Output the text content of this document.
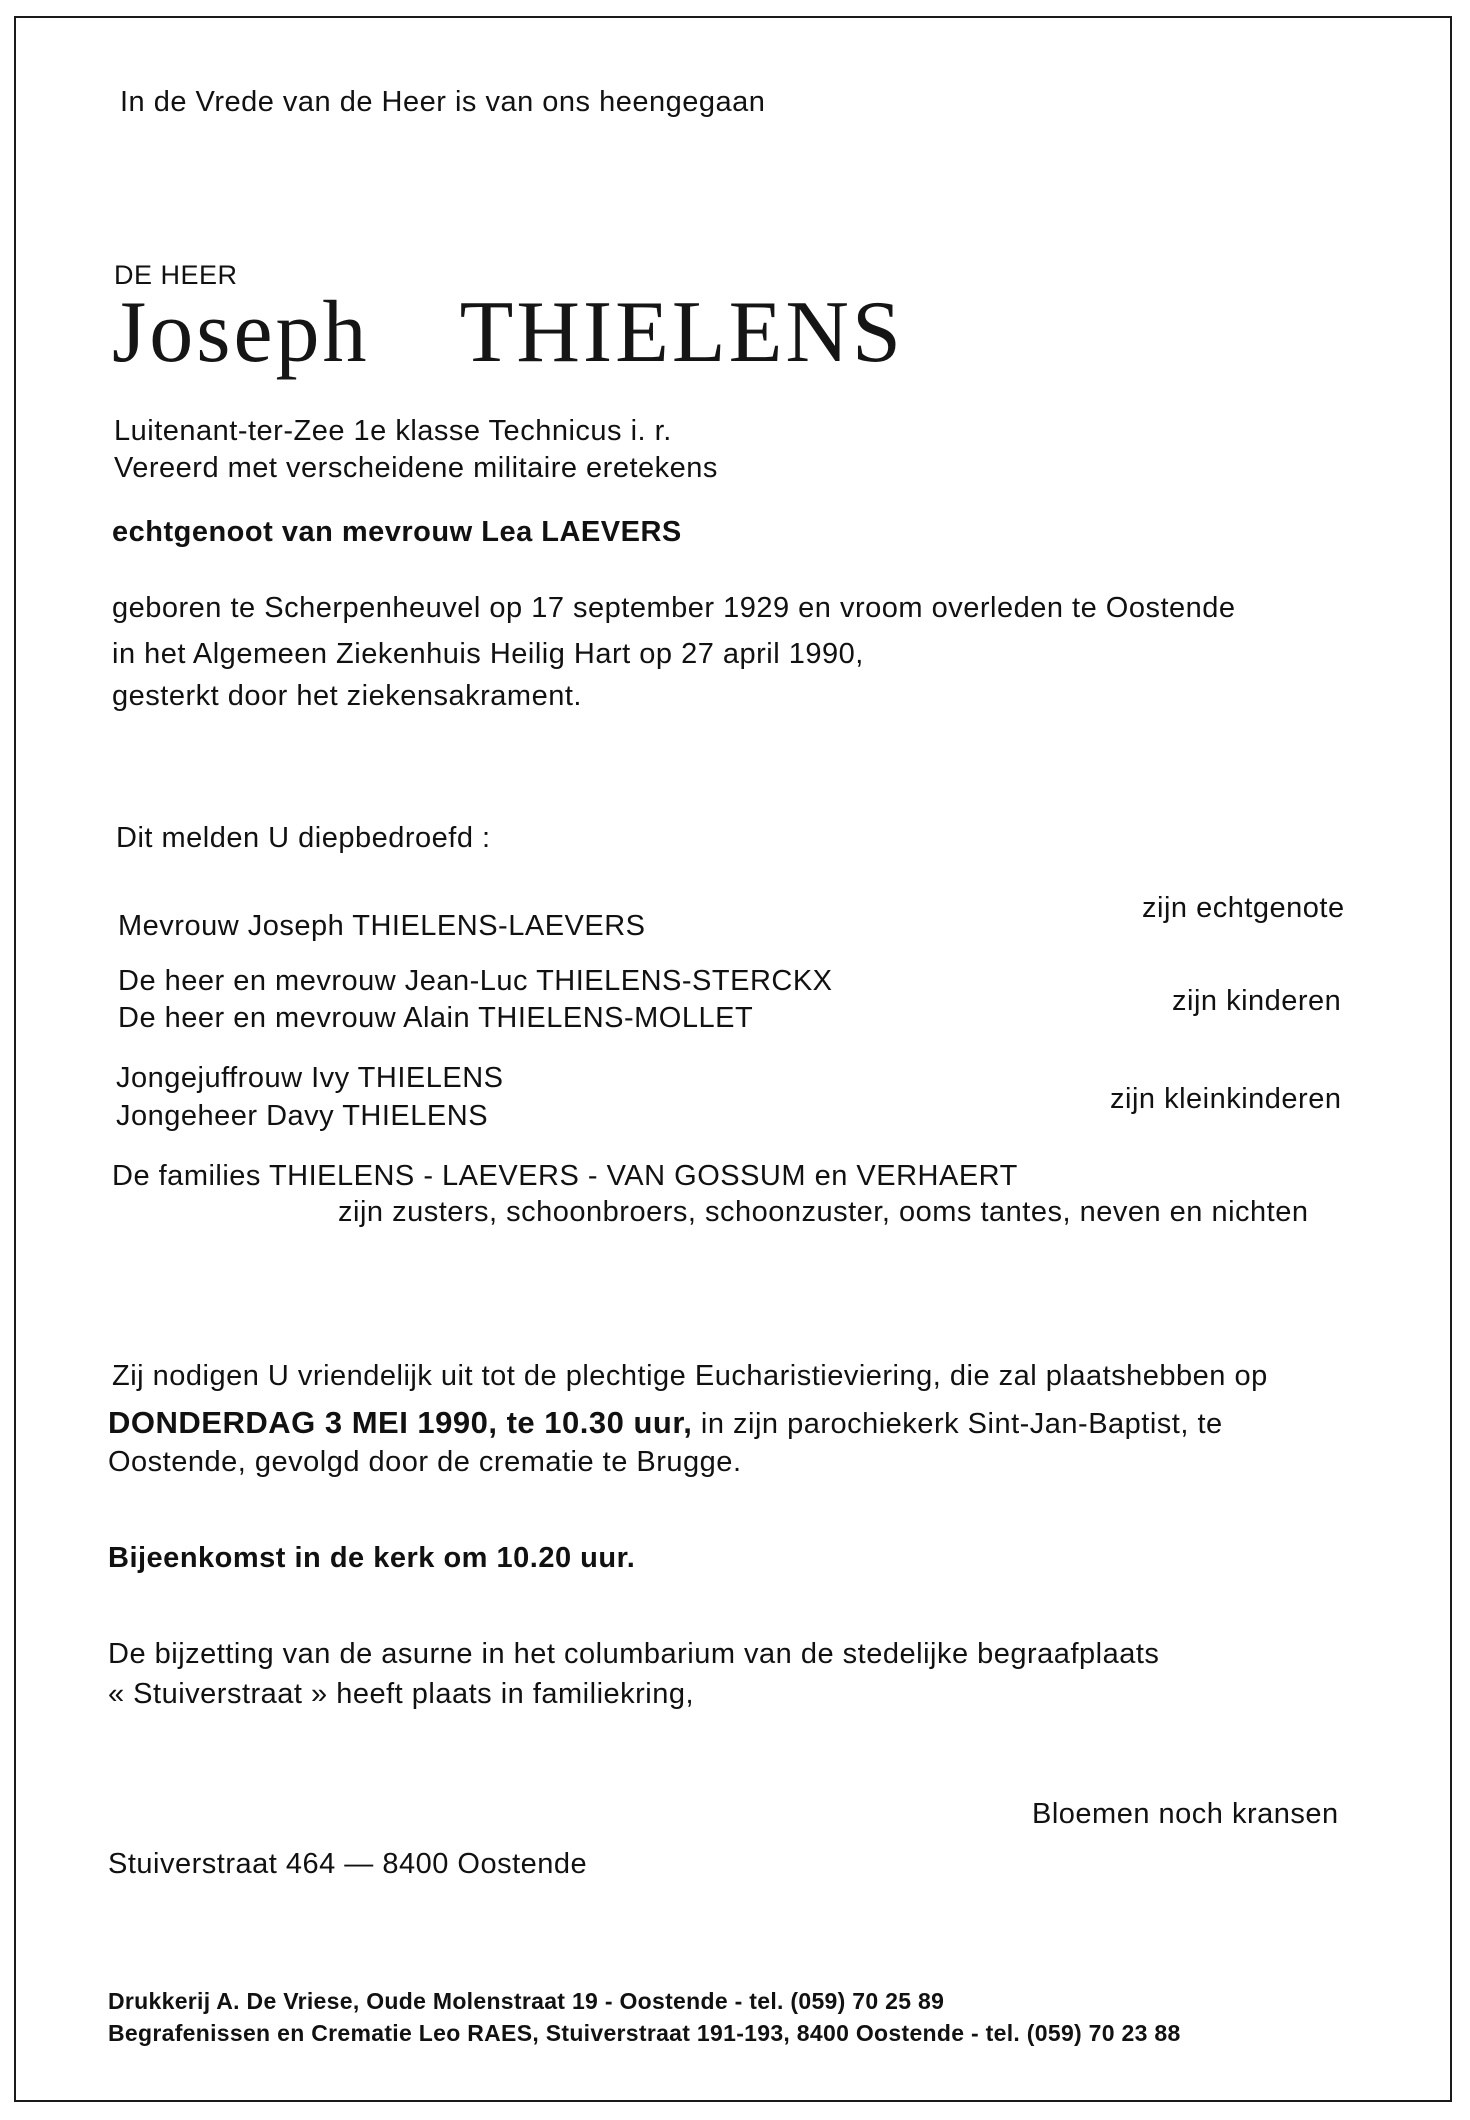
In de Vrede van de Heer is van ons heengegaan
DE HEER
Joseph THIELENS
Luitenant-ter-Zee 1e klasse Technicus i. r.
Vereerd met verscheidene militaire eretekens
echtgenoot van mevrouw Lea LAEVERS
geboren te Scherpenheuvel op 17 september 1929 en vroom overleden te Oostende
in het Algemeen Ziekenhuis Heilig Hart op 27 april 1990,
gesterkt door het ziekensakrament.
Dit melden U diepbedroefd :
Mevrouw Joseph THIELENS-LAEVERS
zijn echtgenote
De heer en mevrouw Jean-Luc THIELENS-STERCKX
De heer en mevrouw Alain THIELENS-MOLLET
zijn kinderen
Jongejuffrouw Ivy THIELENS
Jongeheer Davy THIELENS
zijn kleinkinderen
De families THIELENS - LAEVERS - VAN GOSSUM en VERHAERT
zijn zusters, schoonbroers, schoonzuster, ooms tantes, neven en nichten
Zij nodigen U vriendelijk uit tot de plechtige Eucharistieviering, die zal plaatshebben op
DONDERDAG 3 MEI 1990, te 10.30 uur, in zijn parochiekerk Sint-Jan-Baptist, te
Oostende, gevolgd door de crematie te Brugge.
Bijeenkomst in de kerk om 10.20 uur.
De bijzetting van de asurne in het columbarium van de stedelijke begraafplaats
« Stuiverstraat » heeft plaats in familiekring,
Bloemen noch kransen
Stuiverstraat 464 — 8400 Oostende
Drukkerij A. De Vriese, Oude Molenstraat 19 - Oostende - tel. (059) 70 25 89
Begrafenissen en Crematie Leo RAES, Stuiverstraat 191-193, 8400 Oostende - tel. (059) 70 23 88
